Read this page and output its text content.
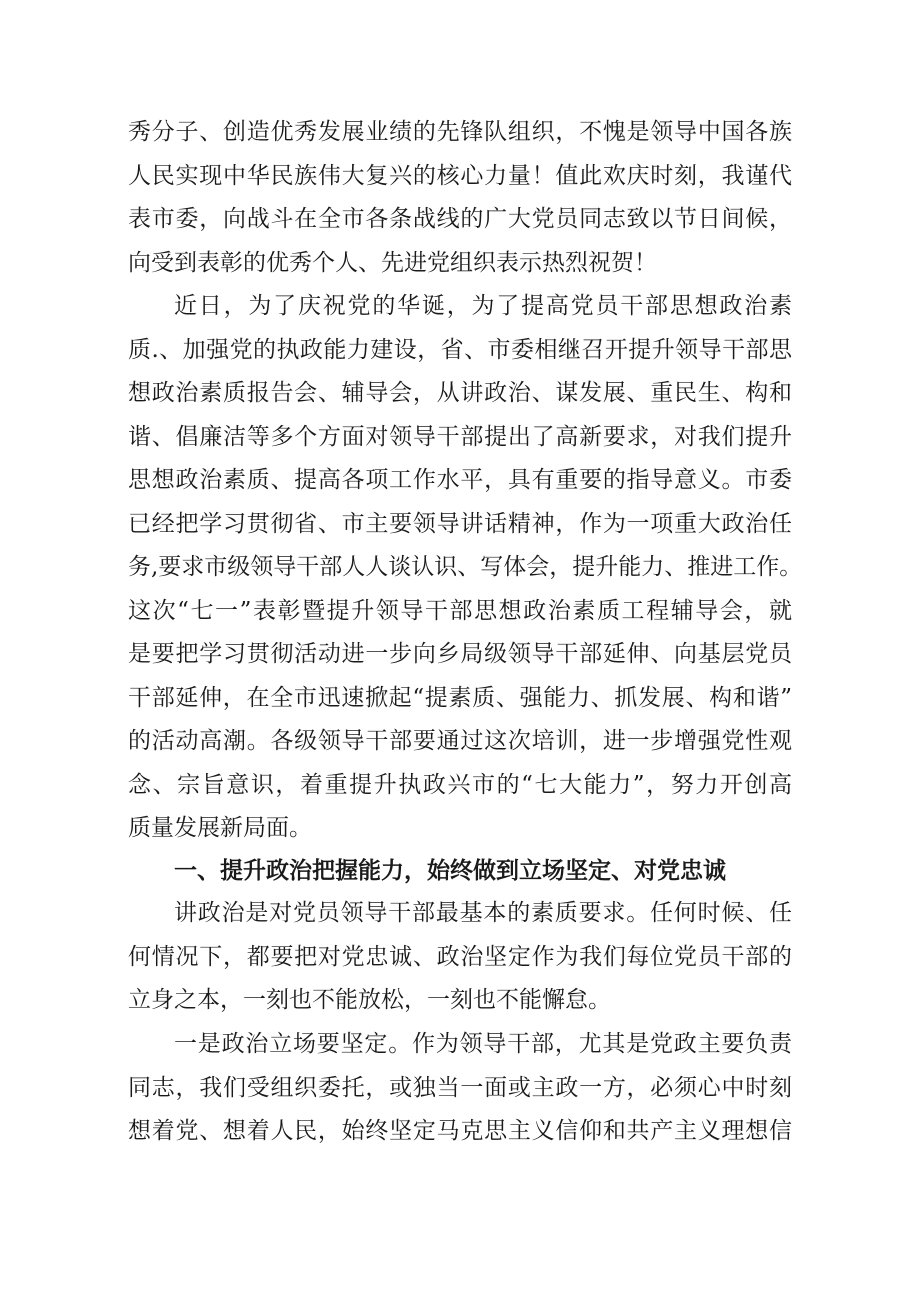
秀分子、创造优秀发展业绩的先锋队组织，不愧是领导中国各族
人民实现中华民族伟大复兴的核心力量！值此欢庆时刻，我谨代
表市委，向战斗在全市各条战线的广大党员同志致以节日间候，
向受到表彰的优秀个人、先进党组织表示热烈祝贺！
近日，为了庆祝党的华诞，为了提高党员干部思想政治素
质.、加强党的执政能力建设，省、市委相继召开提升领导干部思
想政治素质报告会、辅导会，从讲政治、谋发展、重民生、构和
谐、倡廉洁等多个方面对领导干部提出了高新要求，对我们提升
思想政治素质、提高各项工作水平，具有重要的指导意义。市委
已经把学习贯彻省、市主要领导讲话精神，作为一项重大政治任
务,要求市级领导干部人人谈认识、写体会，提升能力、推进工作。
这次“七一”表彰暨提升领导干部思想政治素质工程辅导会，就
是要把学习贯彻活动进一步向乡局级领导干部延伸、向基层党员
干部延伸，在全市迅速掀起“提素质、强能力、抓发展、构和谐”
的活动高潮。各级领导干部要通过这次培训，进一步增强党性观
念、宗旨意识，着重提升执政兴市的“七大能力”，努力开创高
质量发展新局面。
一、提升政治把握能力，始终做到立场坚定、对党忠诚
讲政治是对党员领导干部最基本的素质要求。任何时候、任
何情况下，都要把对党忠诚、政治坚定作为我们每位党员干部的
立身之本，一刻也不能放松，一刻也不能懈怠。
一是政治立场要坚定。作为领导干部，尤其是党政主要负责
同志，我们受组织委托，或独当一面或主政一方，必须心中时刻
想着党、想着人民，始终坚定马克思主义信仰和共产主义理想信
